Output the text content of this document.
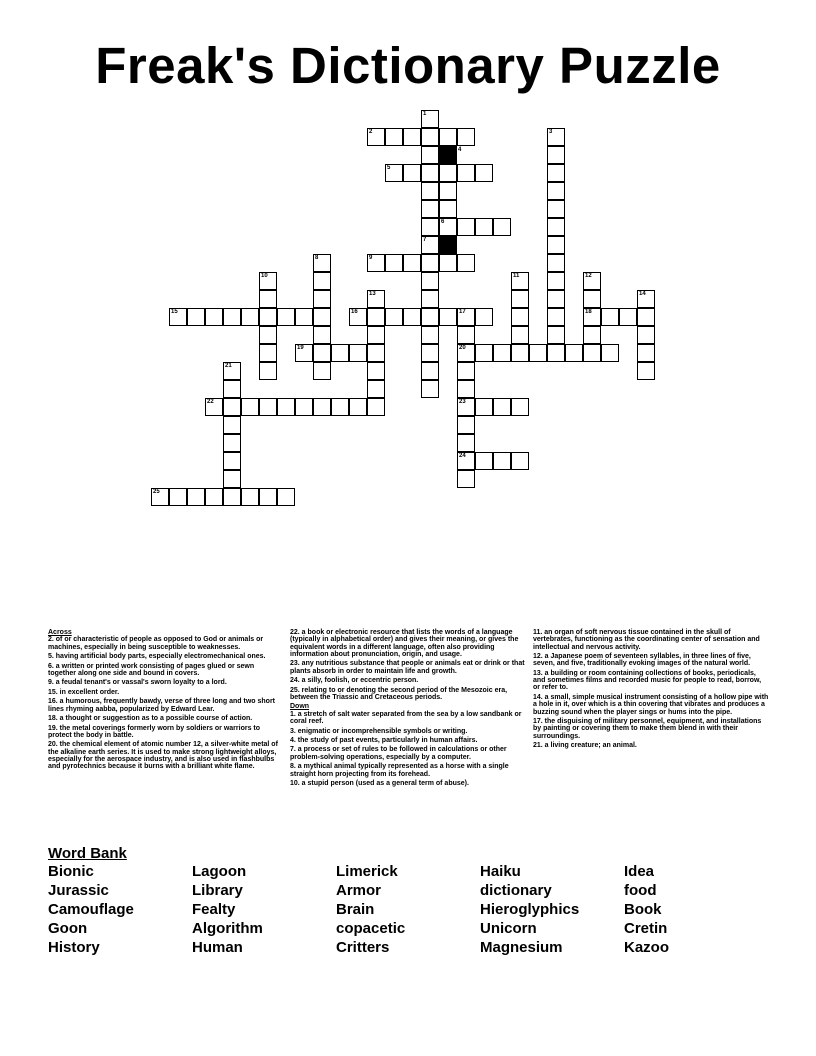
Freak's Dictionary Puzzle
1
2	3
4
5
6
7
8	9
10	11	12
13	14
15	16	17	18
19	20
21
22	23
24
25
Across
2. of or characteristic of people as opposed to God or animals or machines, especially in being susceptible to weaknesses.
5. having artificial body parts, especially electromechanical ones.
6. a written or printed work consisting of pages glued or sewn together along one side and bound in covers.
9. a feudal tenant's or vassal's sworn loyalty to a lord.
15. in excellent order.
16. a humorous, frequently bawdy, verse of three long and two short lines rhyming aabba, popularized by Edward Lear.
18. a thought or suggestion as to a possible course of action.
19. the metal coverings formerly worn by soldiers or warriors to protect the body in battle.
20. the chemical element of atomic number 12, a silver-white metal of the alkaline earth series. It is used to make strong lightweight alloys, especially for the aerospace industry, and is also used in flashbulbs and pyrotechnics because it burns with a brilliant white flame.
22. a book or electronic resource that lists the words of a language (typically in alphabetical order) and gives their meaning, or gives the equivalent words in a different language, often also providing information about pronunciation, origin, and usage.
23. any nutritious substance that people or animals eat or drink or that plants absorb in order to maintain life and growth.
24. a silly, foolish, or eccentric person.
25. relating to or denoting the second period of the Mesozoic era, between the Triassic and Cretaceous periods.
Down
1. a stretch of salt water separated from the sea by a low sandbank or coral reef.
3. enigmatic or incomprehensible symbols or writing.
4. the study of past events, particularly in human affairs.
7. a process or set of rules to be followed in calculations or other problem-solving operations, especially by a computer.
8. a mythical animal typically represented as a horse with a single straight horn projecting from its forehead.
10. a stupid person (used as a general term of abuse).
11. an organ of soft nervous tissue contained in the skull of vertebrates, functioning as the coordinating center of sensation and intellectual and nervous activity.
12. a Japanese poem of seventeen syllables, in three lines of five, seven, and five, traditionally evoking images of the natural world.
13. a building or room containing collections of books, periodicals, and sometimes films and recorded music for people to read, borrow, or refer to.
14. a small, simple musical instrument consisting of a hollow pipe with a hole in it, over which is a thin covering that vibrates and produces a buzzing sound when the player sings or hums into the pipe.
17. the disguising of military personnel, equipment, and installations by painting or covering them to make them blend in with their surroundings.
21. a living creature; an animal.
Word Bank
Bionic
Jurassic
Camouflage
Goon
History
Lagoon
Library
Fealty
Algorithm
Human
Limerick
Armor
Brain
copacetic
Critters
Haiku
dictionary
Hieroglyphics
Unicorn
Magnesium
Idea
food
Book
Cretin
Kazoo
